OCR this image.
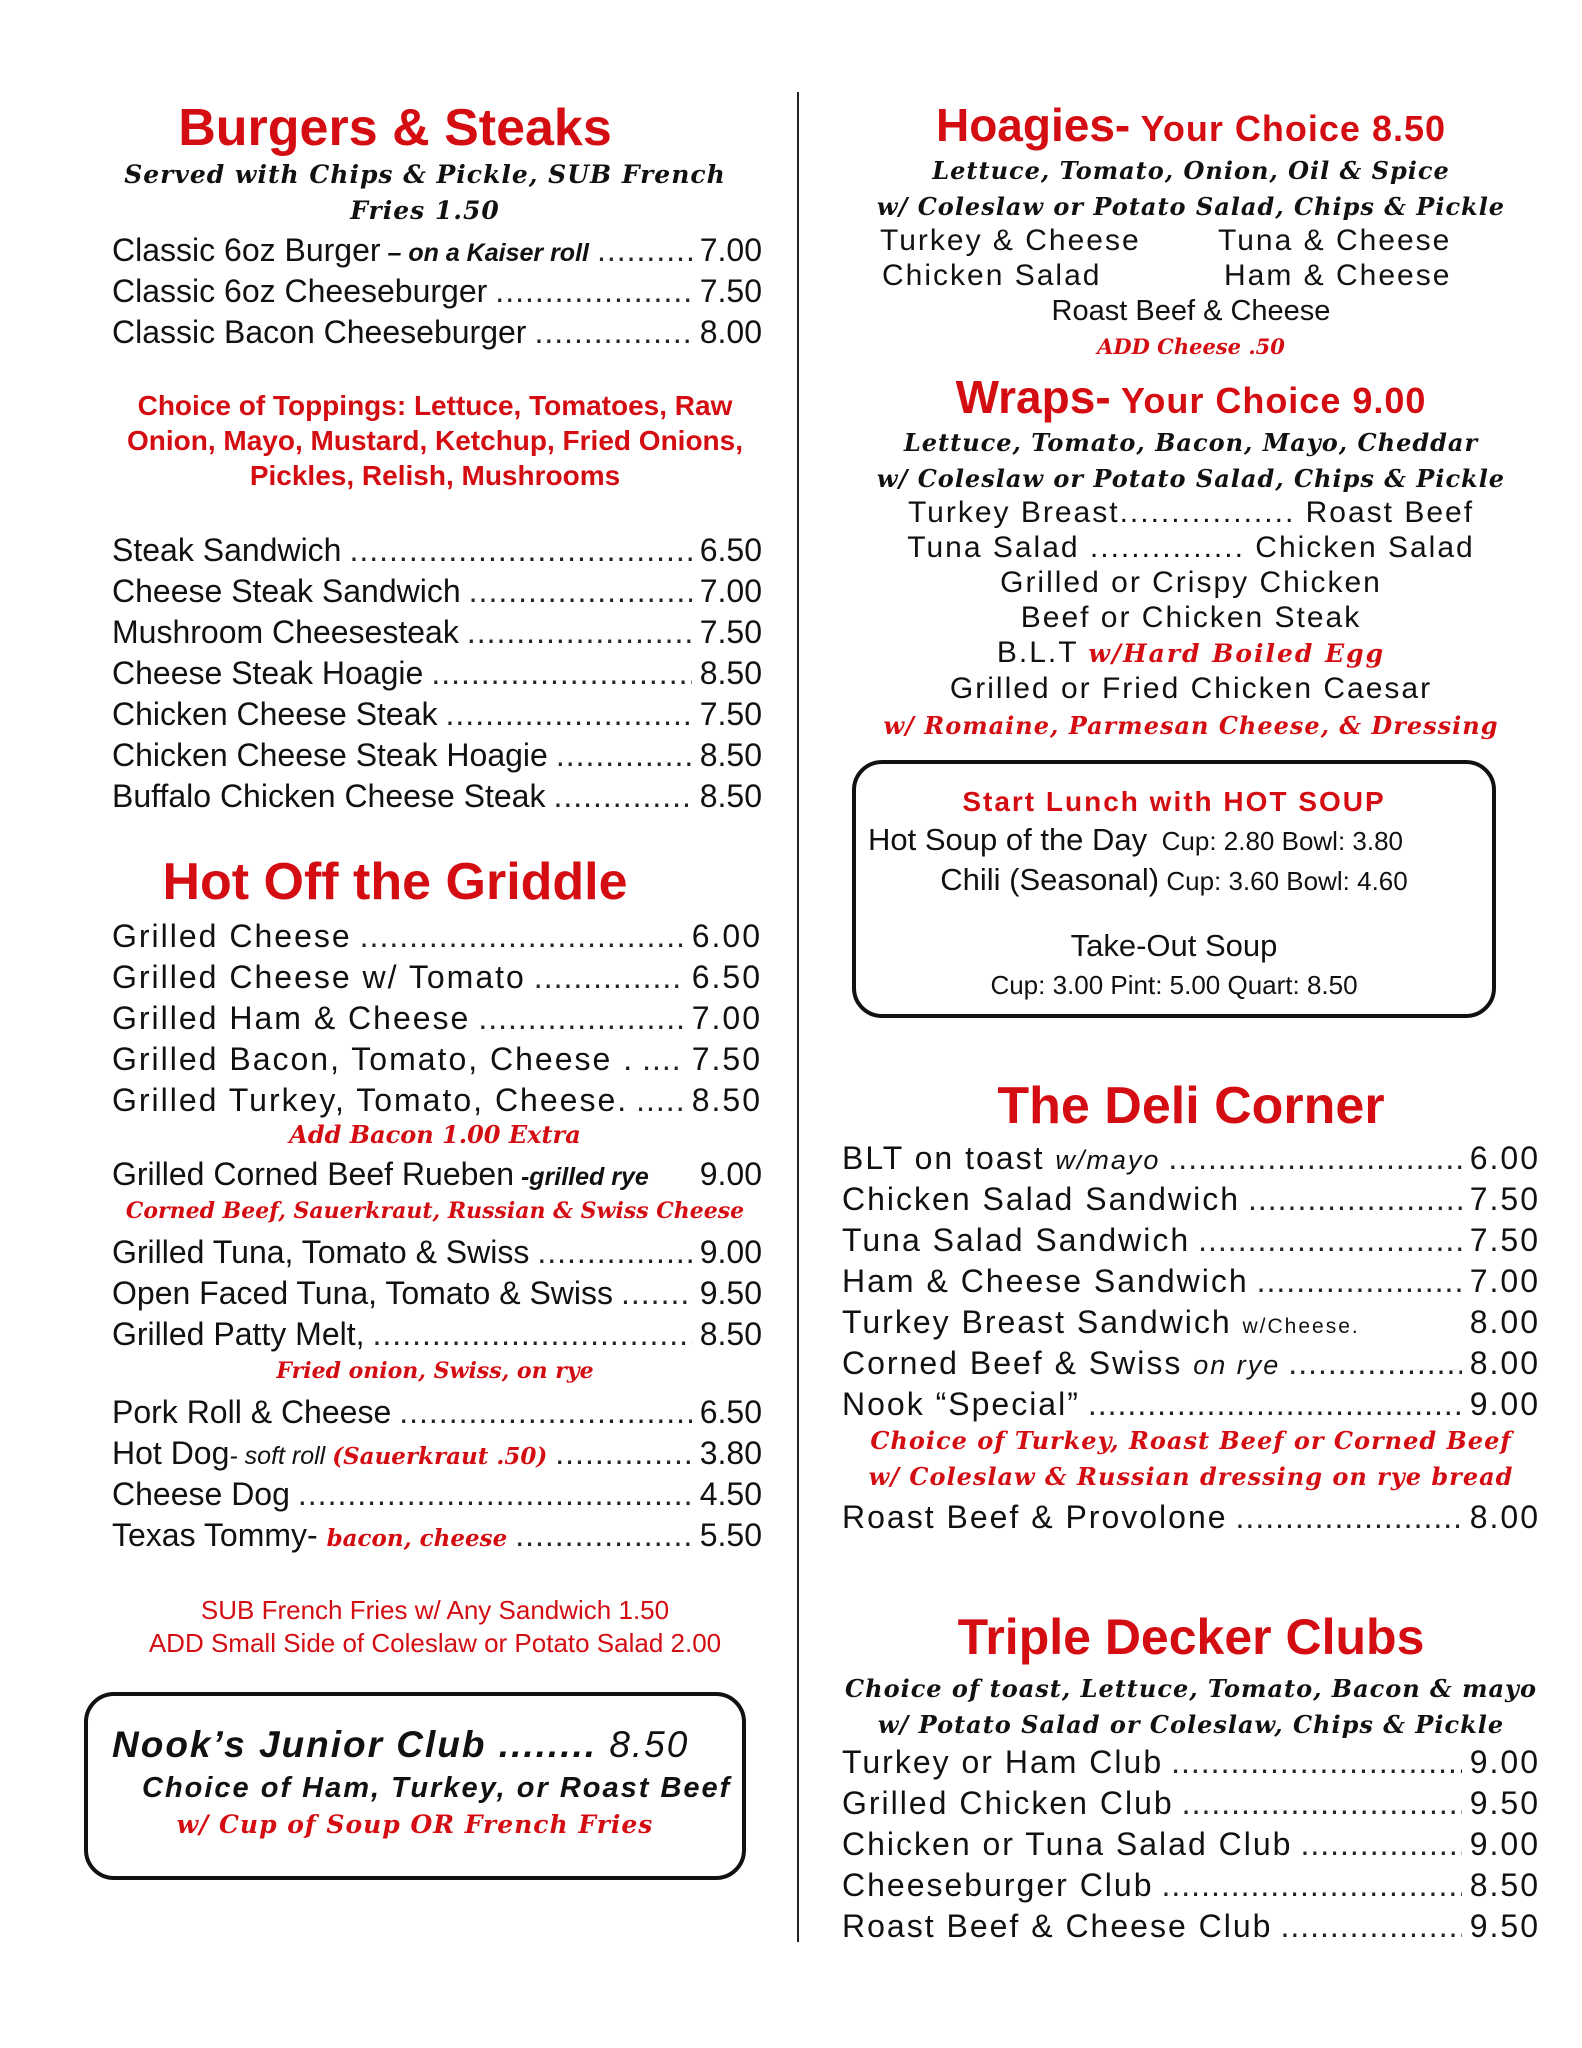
Burgers & Steaks
Served with Chips & Pickle, SUB French
Fries 1.50
Classic 6oz Burger – on a Kaiser roll .....	7.00
Classic 6oz Cheeseburger .....	7.50
Classic Bacon Cheeseburger .....	8.00
Choice of Toppings: Lettuce, Tomatoes, Raw
Onion, Mayo, Mustard, Ketchup, Fried Onions,
Pickles, Relish, Mushrooms
Steak Sandwich .....	6.50
Cheese Steak Sandwich .....	7.00
Mushroom Cheesesteak .....	7.50
Cheese Steak Hoagie .....	8.50
Chicken Cheese Steak .....	7.50
Chicken Cheese Steak Hoagie .....	8.50
Buffalo Chicken Cheese Steak .....	8.50
Hot Off the Griddle
Grilled Cheese .....	6.00
Grilled Cheese w/ Tomato .....	6.50
Grilled Ham & Cheese .....	7.00
Grilled Bacon, Tomato, Cheese . ..... 7.50
Grilled Turkey, Tomato, Cheese. ..... 8.50
Add Bacon 1.00 Extra
Grilled Corned Beef Rueben -grilled rye 9.00
Corned Beef, Sauerkraut, Russian & Swiss Cheese
Grilled Tuna, Tomato & Swiss .....	9.00
Open Faced Tuna, Tomato & Swiss .....	9.50
Grilled Patty Melt, .....	8.50
Fried onion, Swiss, on rye
Pork Roll & Cheese .....	6.50
Hot Dog- soft roll (Sauerkraut .50) .....	3.80
Cheese Dog .....	4.50
Texas Tommy- bacon, cheese .....	5.50
SUB French Fries w/ Any Sandwich 1.50
ADD Small Side of Coleslaw or Potato Salad 2.00
Nook’s Junior Club ........ 8.50
Choice of Ham, Turkey, or Roast Beef
w/ Cup of Soup OR French Fries
Hoagies- Your Choice 8.50
Lettuce, Tomato, Onion, Oil & Spice
w/ Coleslaw or Potato Salad, Chips & Pickle
Turkey & Cheese	Tuna & Cheese
Chicken Salad	Ham & Cheese
Roast Beef & Cheese
ADD Cheese .50
Wraps- Your Choice 9.00
Lettuce, Tomato, Bacon, Mayo, Cheddar
w/ Coleslaw or Potato Salad, Chips & Pickle
Turkey Breast................. Roast Beef
Tuna Salad ............... Chicken Salad
Grilled or Crispy Chicken
Beef or Chicken Steak
B.L.T w/Hard Boiled Egg
Grilled or Fried Chicken Caesar
w/ Romaine, Parmesan Cheese, & Dressing
Start Lunch with HOT SOUP
Hot Soup of the Day Cup: 2.80 Bowl: 3.80
Chili (Seasonal) Cup: 3.60 Bowl: 4.60
Take-Out Soup
Cup: 3.00 Pint: 5.00 Quart: 8.50
The Deli Corner
BLT on toast w/mayo .....	6.00
Chicken Salad Sandwich .....	7.50
Tuna Salad Sandwich .....	7.50
Ham & Cheese Sandwich .....	7.00
Turkey Breast Sandwich w/Cheese.	8.00
Corned Beef & Swiss on rye .....	8.00
Nook “Special” .....	9.00
Choice of Turkey, Roast Beef or Corned Beef
w/ Coleslaw & Russian dressing on rye bread
Roast Beef & Provolone .....	8.00
Triple Decker Clubs
Choice of toast, Lettuce, Tomato, Bacon & mayo
w/ Potato Salad or Coleslaw, Chips & Pickle
Turkey or Ham Club .....	9.00
Grilled Chicken Club .....	9.50
Chicken or Tuna Salad Club .....	9.00
Cheeseburger Club .....	8.50
Roast Beef & Cheese Club .....	9.50
